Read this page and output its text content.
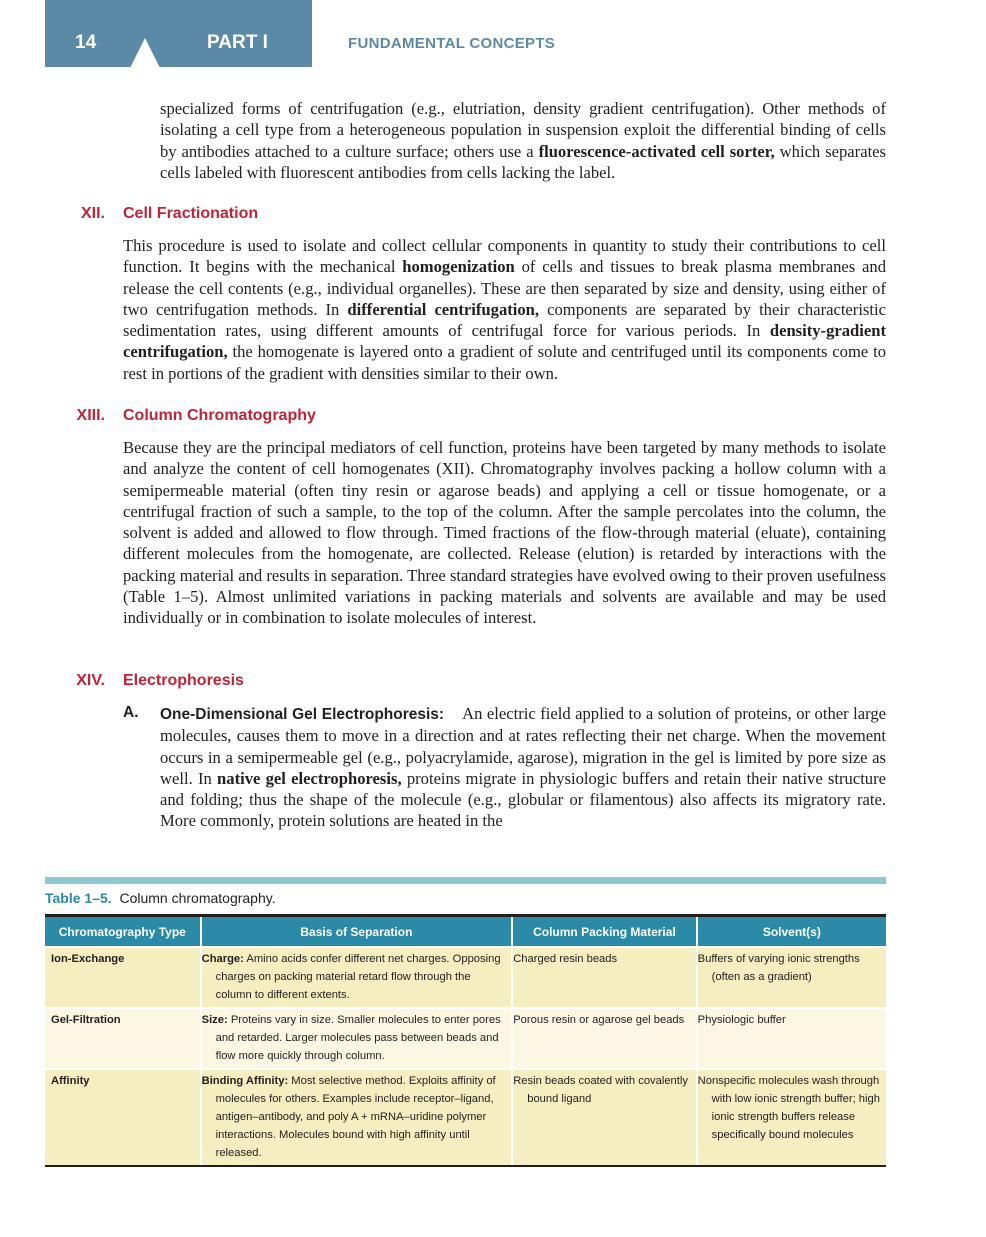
14	PART I	FUNDAMENTAL CONCEPTS

specialized forms of centrifugation (e.g., elutriation, density gradient centrifugation). Other methods of isolating a cell type from a heterogeneous population in suspension exploit the differential binding of cells by antibodies attached to a culture surface; others use a fluorescence-activated cell sorter, which separates cells labeled with fluorescent antibodies from cells lacking the label.

XII. Cell Fractionation

This procedure is used to isolate and collect cellular components in quantity to study their contributions to cell function. It begins with the mechanical homogenization of cells and tissues to break plasma membranes and release the cell contents (e.g., individual organelles). These are then separated by size and density, using either of two centrifugation methods. In differential centrifugation, components are separated by their characteristic sedimentation rates, using different amounts of centrifugal force for various periods. In density-gradient centrifugation, the homogenate is layered onto a gradient of solute and centrifuged until its components come to rest in portions of the gradient with densities similar to their own.

XIII. Column Chromatography

Because they are the principal mediators of cell function, proteins have been targeted by many methods to isolate and analyze the content of cell homogenates (XII). Chromatography involves packing a hollow column with a semipermeable material (often tiny resin or agarose beads) and applying a cell or tissue homogenate, or a centrifugal fraction of such a sample, to the top of the column. After the sample percolates into the column, the solvent is added and allowed to flow through. Timed fractions of the flow-through material (eluate), containing different molecules from the homogenate, are collected. Release (elution) is retarded by interactions with the packing material and results in separation. Three standard strategies have evolved owing to their proven usefulness (Table 1–5). Almost unlimited variations in packing materials and solvents are available and may be used individually or in combination to isolate molecules of interest.

XIV. Electrophoresis
A. One-Dimensional Gel Electrophoresis: An electric field applied to a solution of proteins, or other large molecules, causes them to move in a direction and at rates reflecting their net charge. When the movement occurs in a semipermeable gel (e.g., polyacrylamide, agarose), migration in the gel is limited by pore size as well. In native gel electrophoresis, proteins migrate in physiologic buffers and retain their native structure and folding; thus the shape of the molecule (e.g., globular or filamentous) also affects its migratory rate. More commonly, protein solutions are heated in the

Table 1–5. Column chromatography.
Chromatography Type	Basis of Separation	Column Packing Material	Solvent(s)
Ion-Exchange	Charge: Amino acids confer different net charges. Opposing charges on packing material retard flow through the column to different extents.	Charged resin beads	Buffers of varying ionic strengths (often as a gradient)
Gel-Filtration	Size: Proteins vary in size. Smaller molecules to enter pores and retarded. Larger molecules pass between beads and flow more quickly through column.	Porous resin or agarose gel beads	Physiologic buffer
Affinity	Binding Affinity: Most selective method. Exploits affinity of molecules for others. Examples include receptor–ligand, antigen–antibody, and poly A + mRNA–uridine polymer interactions. Molecules bound with high affinity until released.	Resin beads coated with covalently bound ligand	Nonspecific molecules wash through with low ionic strength buffer; high ionic strength buffers release specifically bound molecules
